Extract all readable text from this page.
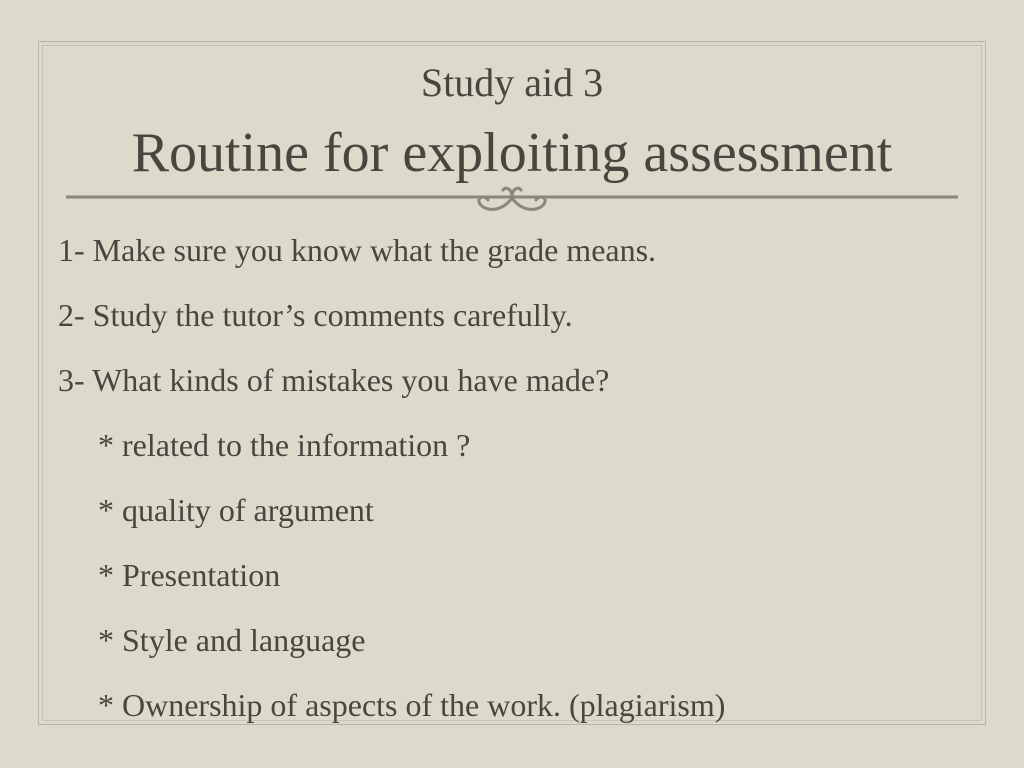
Study aid 3
Routine for exploiting assessment
1- Make sure you know what the grade means.
2- Study the tutor’s comments carefully.
3- What kinds of mistakes you have made?
* related to the information ?
* quality of argument
* Presentation
* Style and language
* Ownership of aspects of the work. (plagiarism)
